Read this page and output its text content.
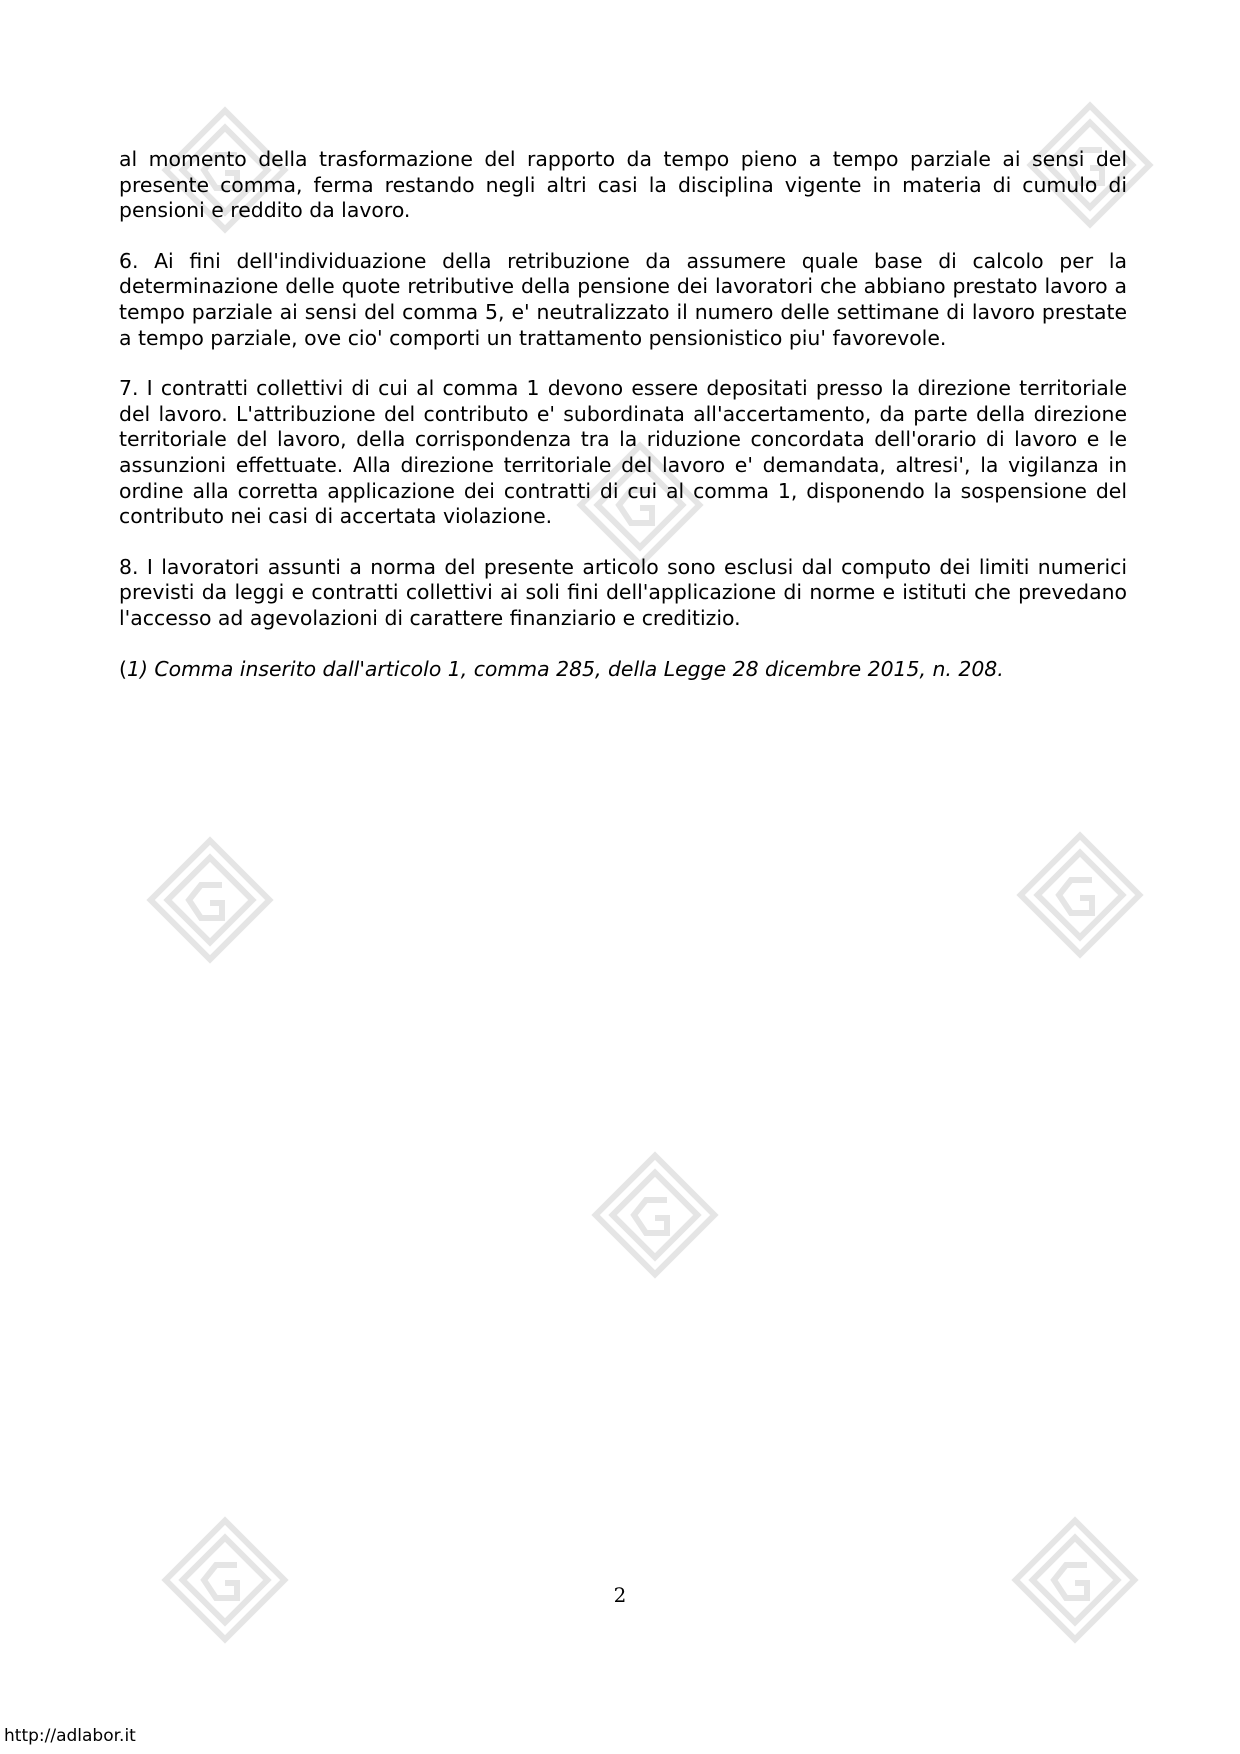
al momento della trasformazione del rapporto da tempo pieno a tempo parziale ai sensi del presente comma, ferma restando negli altri casi la disciplina vigente in materia di cumulo di pensioni e reddito da lavoro.

6. Ai fini dell'individuazione della retribuzione da assumere quale base di calcolo per la determinazione delle quote retributive della pensione dei lavoratori che abbiano prestato lavoro a tempo parziale ai sensi del comma 5, e' neutralizzato il numero delle settimane di lavoro prestate a tempo parziale, ove cio' comporti un trattamento pensionistico piu' favorevole.

7. I contratti collettivi di cui al comma 1 devono essere depositati presso la direzione territoriale del lavoro. L'attribuzione del contributo e' subordinata all'accertamento, da parte della direzione territoriale del lavoro, della corrispondenza tra la riduzione concordata dell'orario di lavoro e le assunzioni effettuate. Alla direzione territoriale del lavoro e' demandata, altresi', la vigilanza in ordine alla corretta applicazione dei contratti di cui al comma 1, disponendo la sospensione del contributo nei casi di accertata violazione.

8. I lavoratori assunti a norma del presente articolo sono esclusi dal computo dei limiti numerici previsti da leggi e contratti collettivi ai soli fini dell'applicazione di norme e istituti che prevedano l'accesso ad agevolazioni di carattere finanziario e creditizio.

(1) Comma inserito dall'articolo 1, comma 285, della Legge 28 dicembre 2015, n. 208.

2
http://adlabor.it
